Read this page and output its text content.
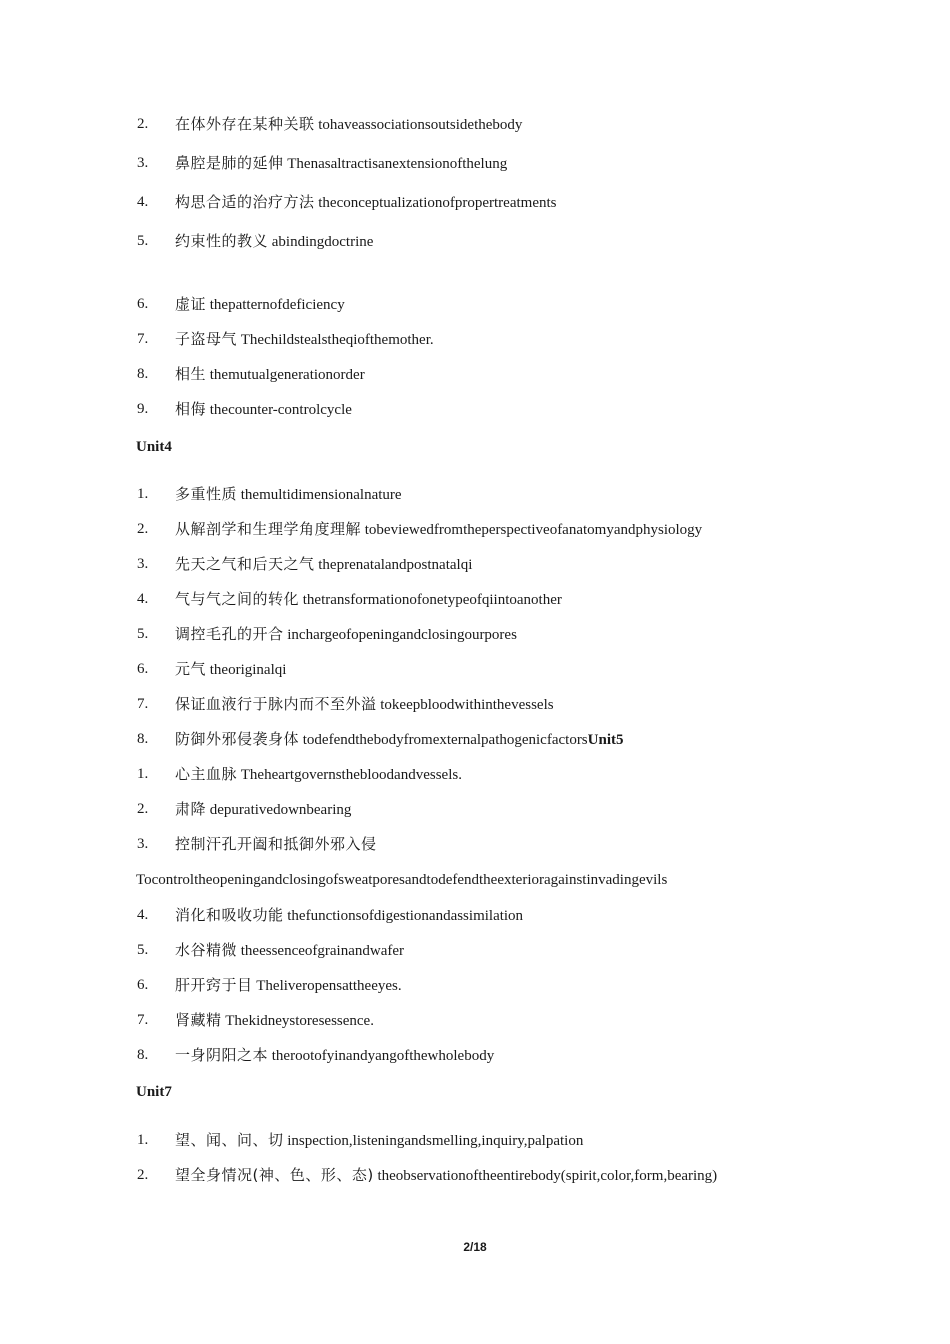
2. 在体外存在某种关联 tohaveassociationsoutsidethebody
3. 鼻腔是肺的延伸 Thenasaltractisanextensionofthelung
4. 构思合适的治疗方法 theconceptualizationofpropertreatments
5. 约束性的教义 abindingdoctrine
6. 虚证 thepatternofdeficiency
7. 子盗母气 Thechildstealstheqiofthemother.
8. 相生 themutualgenerationorder
9. 相侮 thecounter-controlcycle
Unit4
1. 多重性质 themultidimensionalnature
2. 从解剖学和生理学角度理解 tobeviewedfromtheperspectiveofanatomyandphysiology
3. 先天之气和后天之气 theprenatalandpostnatalqi
4. 气与气之间的转化 thetransformationofonetypeofqiintoanother
5. 调控毛孔的开合 inchargeofopeningandclosingourpores
6. 元气 theoriginalqi
7. 保证血液行于脉内而不至外溢 tokeepbloodwithinthevessels
8. 防御外邪侵袭身体 todefendthebodyfromexternalpathogenicfactorsUnit5
1. 心主血脉 Theheartgovernsthebloodandvessels.
2. 肃降 depurativedownbearing
3. 控制汗孔开阖和抵御外邪入侵
Tocontroltheopeningandclosingofsweatporesandtodefendtheexterioragainstinvadingevils
4. 消化和吸收功能 thefunctionsofdigestionandassimilation
5. 水谷精微 theessenceofgrainandwafer
6. 肝开窍于目 Theliveropensattheeyes.
7. 肾藏精 Thekidneystoresessence.
8. 一身阴阳之本 therootofyinandyangofthewholebody
Unit7
1. 望、闻、问、切 inspection,listeningandsmelling,inquiry,palpation
2. 望全身情况(神、色、形、态) theobservationoftheentirebody(spirit,color,form,bearing)
2/18
